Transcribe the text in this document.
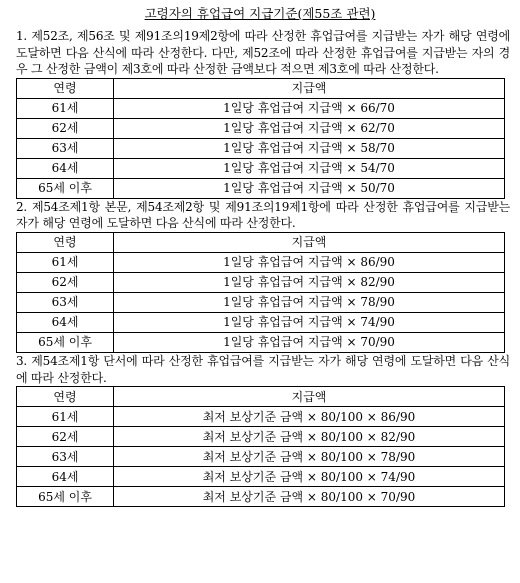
고령자의 휴업급여 지급기준(제55조 관련)

1. 제52조, 제56조 및 제91조의19제2항에 따라 산정한 휴업급여를 지급받는 자가 해당 연령에 도달하면 다음 산식에 따라 산정한다. 다만, 제52조에 따라 산정한 휴업급여를 지급받는 자의 경우 그 산정한 금액이 제3호에 따라 산정한 금액보다 적으면 제3호에 따라 산정한다.

연령	지급액
61세	1일당 휴업급여 지급액 × 66/70
62세	1일당 휴업급여 지급액 × 62/70
63세	1일당 휴업급여 지급액 × 58/70
64세	1일당 휴업급여 지급액 × 54/70
65세 이후	1일당 휴업급여 지급액 × 50/70

2. 제54조제1항 본문, 제54조제2항 및 제91조의19제1항에 따라 산정한 휴업급여를 지급받는 자가 해당 연령에 도달하면 다음 산식에 따라 산정한다.

연령	지급액
61세	1일당 휴업급여 지급액 × 86/90
62세	1일당 휴업급여 지급액 × 82/90
63세	1일당 휴업급여 지급액 × 78/90
64세	1일당 휴업급여 지급액 × 74/90
65세 이후	1일당 휴업급여 지급액 × 70/90

3. 제54조제1항 단서에 따라 산정한 휴업급여를 지급받는 자가 해당 연령에 도달하면 다음 산식에 따라 산정한다.

연령	지급액
61세	최저 보상기준 금액 × 80/100 × 86/90
62세	최저 보상기준 금액 × 80/100 × 82/90
63세	최저 보상기준 금액 × 80/100 × 78/90
64세	최저 보상기준 금액 × 80/100 × 74/90
65세 이후	최저 보상기준 금액 × 80/100 × 70/90
